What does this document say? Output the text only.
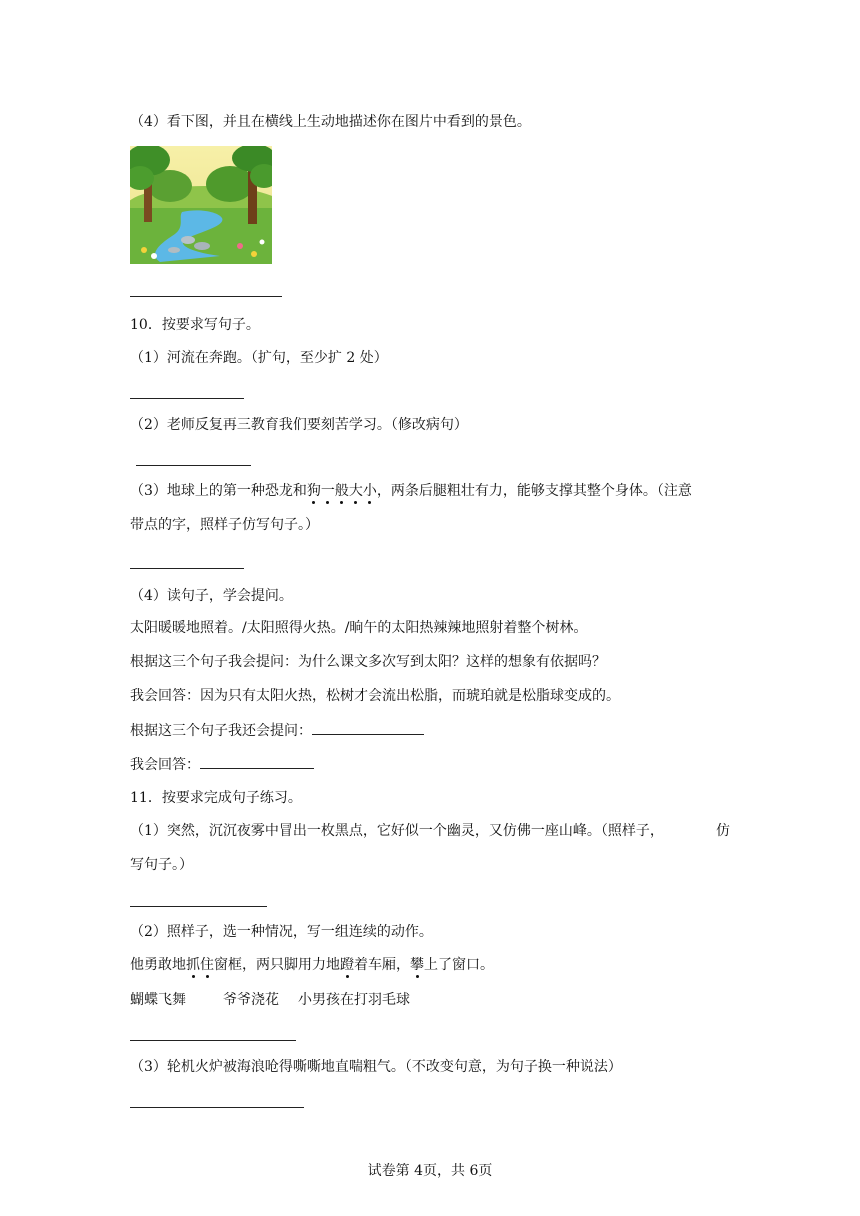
（4）看下图，并且在横线上生动地描述你在图片中看到的景色。
10．按要求写句子。
（1）河流在奔跑。（扩句，至少扩 2 处）
（2）老师反复再三教育我们要刻苦学习。（修改病句）
（3）地球上的第一种恐龙和狗一般大小，两条后腿粗壮有力，能够支撑其整个身体。（注意
带点的字，照样子仿写句子。）
（4）读句子，学会提问。
太阳暖暖地照着。/太阳照得火热。/晌午的太阳热辣辣地照射着整个树林。
根据这三个句子我会提问：为什么课文多次写到太阳？这样的想象有依据吗？
我会回答：因为只有太阳火热，松树才会流出松脂，而琥珀就是松脂球变成的。
根据这三个句子我还会提问：
我会回答：
11．按要求完成句子练习。
（1）突然，沉沉夜雾中冒出一枚黑点，它好似一个幽灵，又仿佛一座山峰。（照样子，	仿
写句子。）
（2）照样子，选一种情况，写一组连续的动作。
他勇敢地抓住窗框，两只脚用力地蹬着车厢，攀上了窗口。
蝴蝶飞舞	爷爷浇花 小男孩在打羽毛球
（3）轮机火炉被海浪呛得嘶嘶地直喘粗气。（不改变句意，为句子换一种说法）
试卷第 4页，共 6页
